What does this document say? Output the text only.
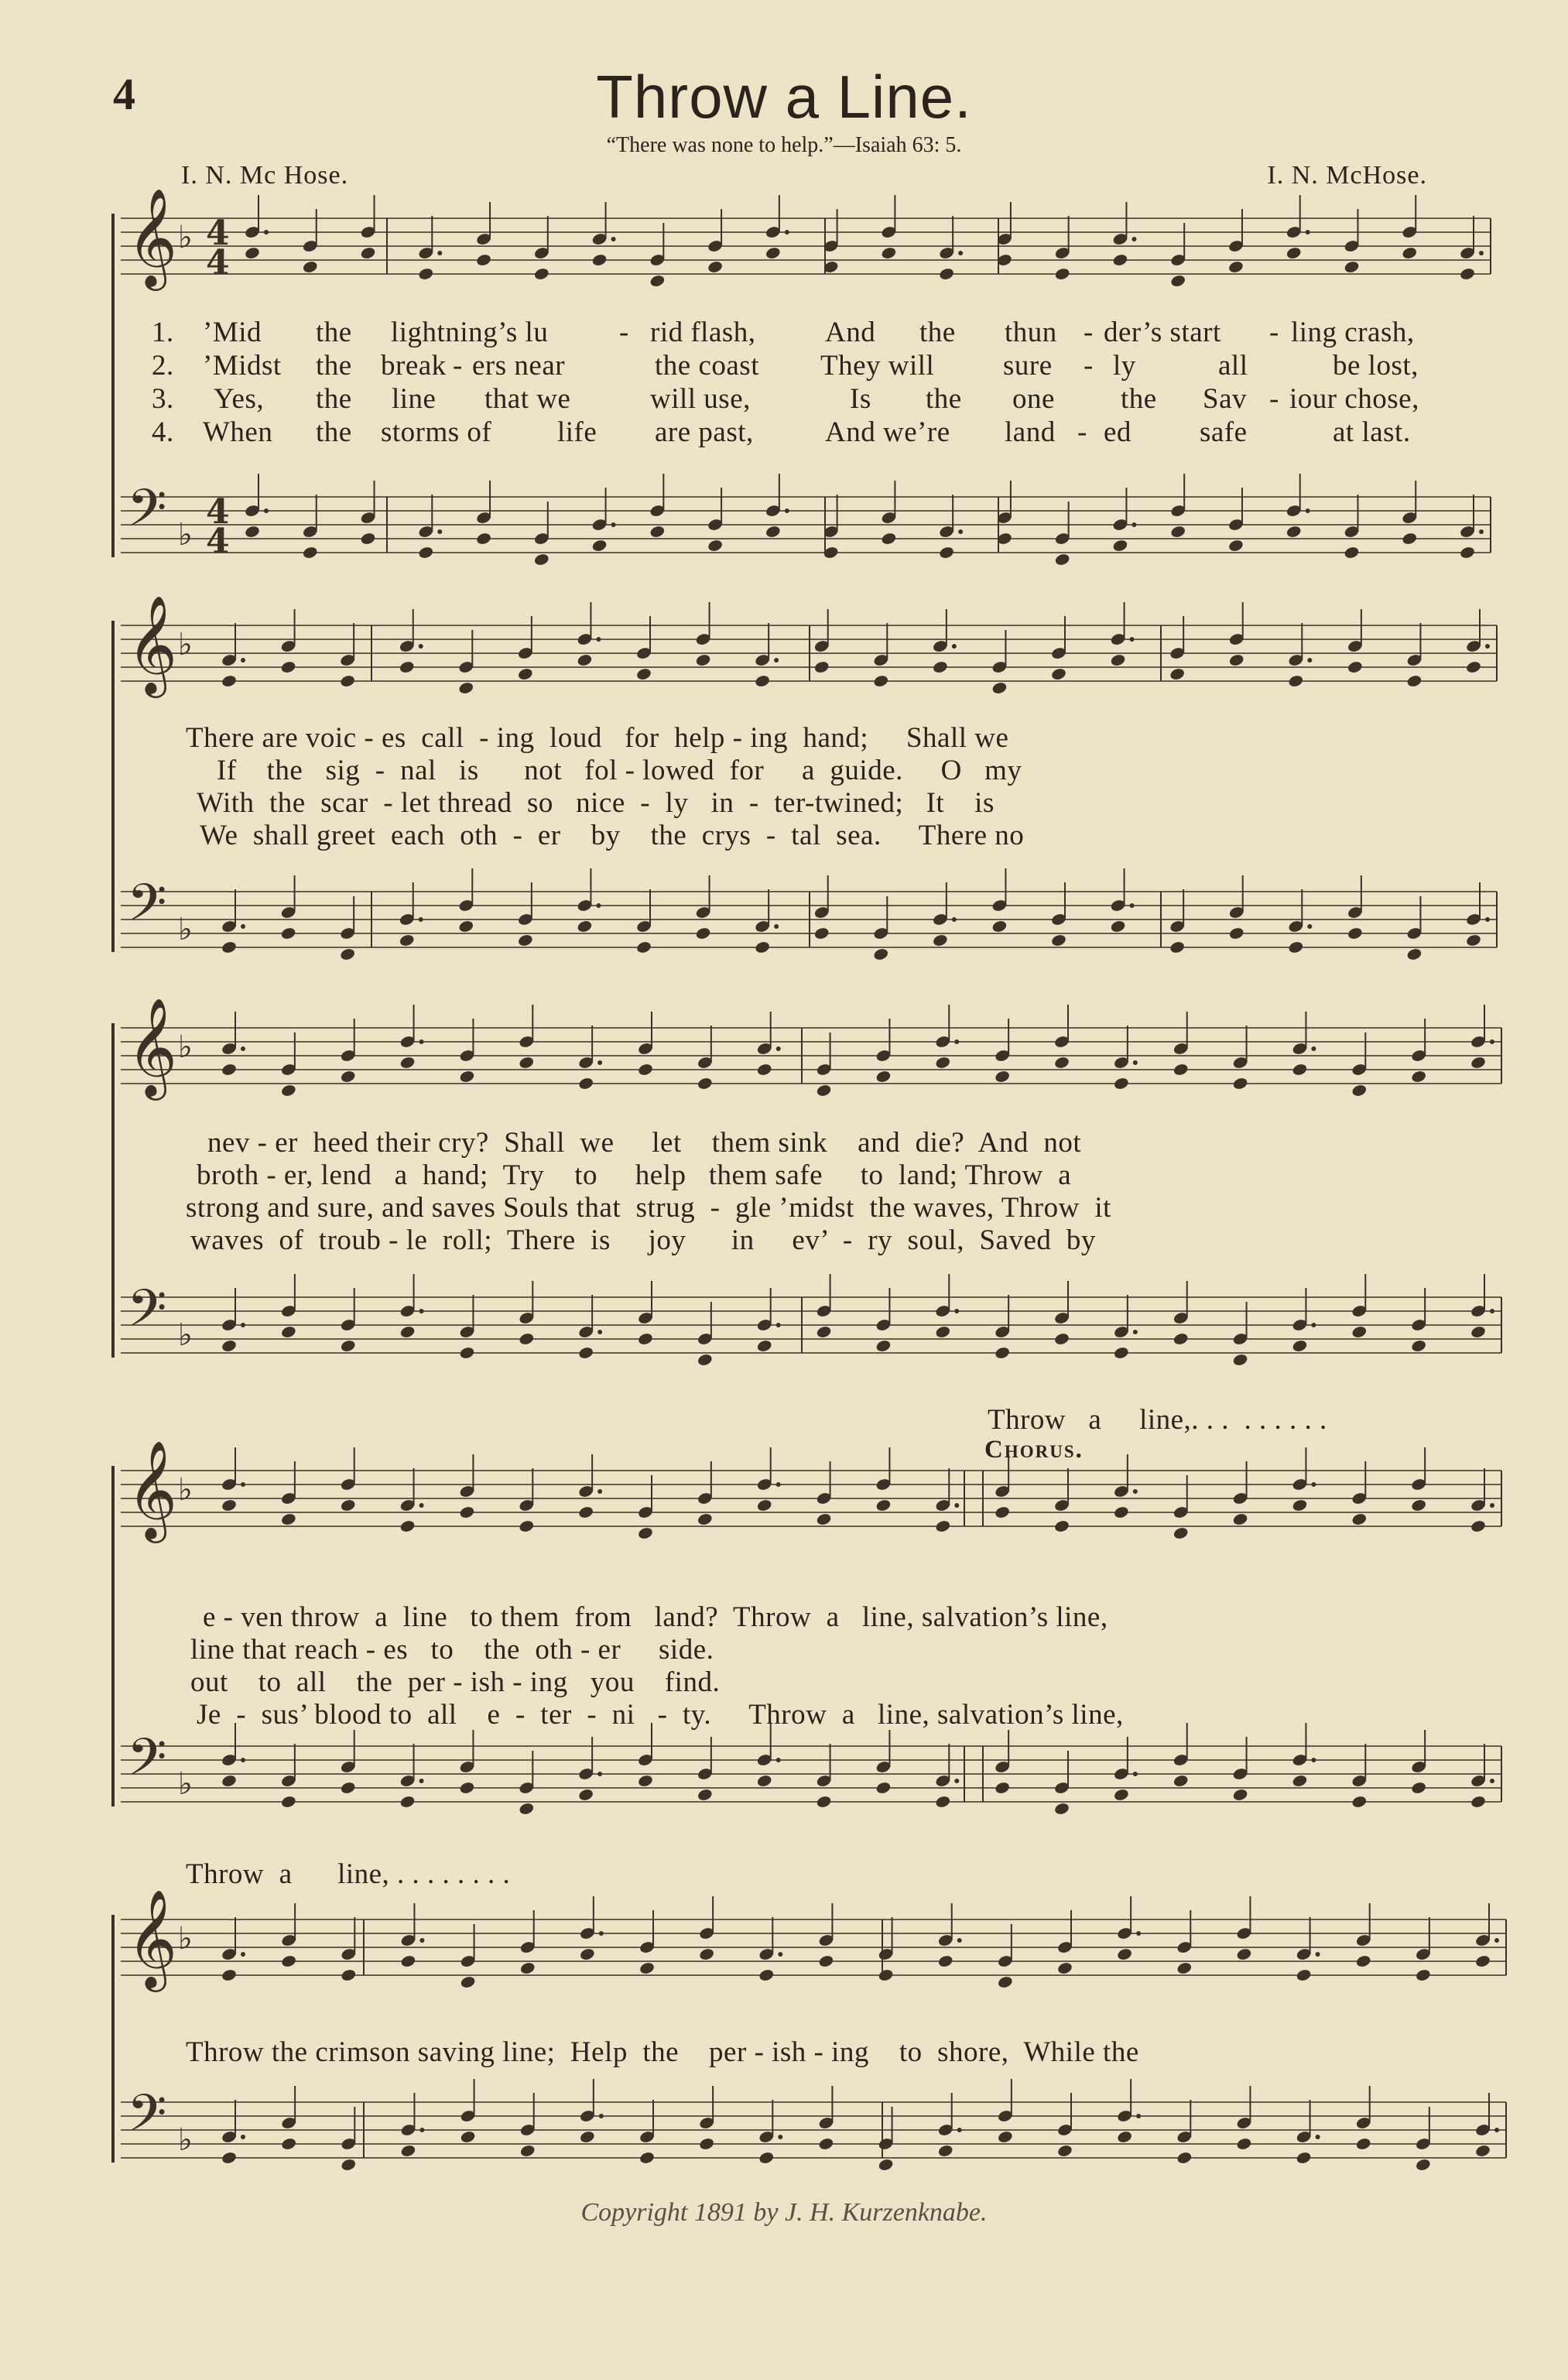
4	Throw a Line.
“There was none to help.”—Isaiah 63: 5.
I. N. Mc Hose.	I. N. McHose.
𝄞 ♭
𝄢 ♭
4
4
4
4
𝄞 ♭
𝄢 ♭
𝄞 ♭
𝄢 ♭
𝄞 ♭
𝄢 ♭
𝄞 ♭
𝄢 ♭
1. ’Mid the lightning’s lu - rid flash, And the thun - der’s start - ling crash,
2. ’Midst the break - ers near	the coast They will sure - ly	all	be lost,
3. Yes, the line that we	will use,	Is the one the Sav - iour chose,
4. When the storms of life are past, And we’re land - ed safe	at last.
There are voic - es  call  - ing  loud   for  help - ing  hand;     Shall we
If    the   sig  -  nal   is      not   fol - lowed  for     a  guide.     O   my
With  the  scar  - let thread  so   nice  -  ly   in  -  ter-twined;   It    is
We  shall greet  each  oth  -  er    by    the  crys  -  tal  sea.     There no
nev - er  heed their cry?  Shall  we     let    them sink    and  die?  And  not
broth - er, lend   a  hand;  Try    to     help   them safe     to  land; Throw  a
strong and sure, and saves Souls that  strug  -  gle ’midst  the waves, Throw  it
waves  of  troub - le  roll;  There  is     joy      in     ev’  -  ry  soul,  Saved  by
Throw   a     line,. . .  . . . . . .
Chorus.
e - ven throw  a  line   to them  from   land?  Throw  a   line, salvation’s line,
line that reach - es   to    the  oth - er     side.
out    to  all    the  per - ish - ing   you    find.
Je  -  sus’ blood to  all    e  -  ter  -  ni   -  ty.     Throw  a   line, salvation’s line,
Throw  a      line, . . . . . . . .
Throw the crimson saving line;  Help  the    per - ish - ing    to  shore,  While the
Copyright 1891 by J. H. Kurzenknabe.
